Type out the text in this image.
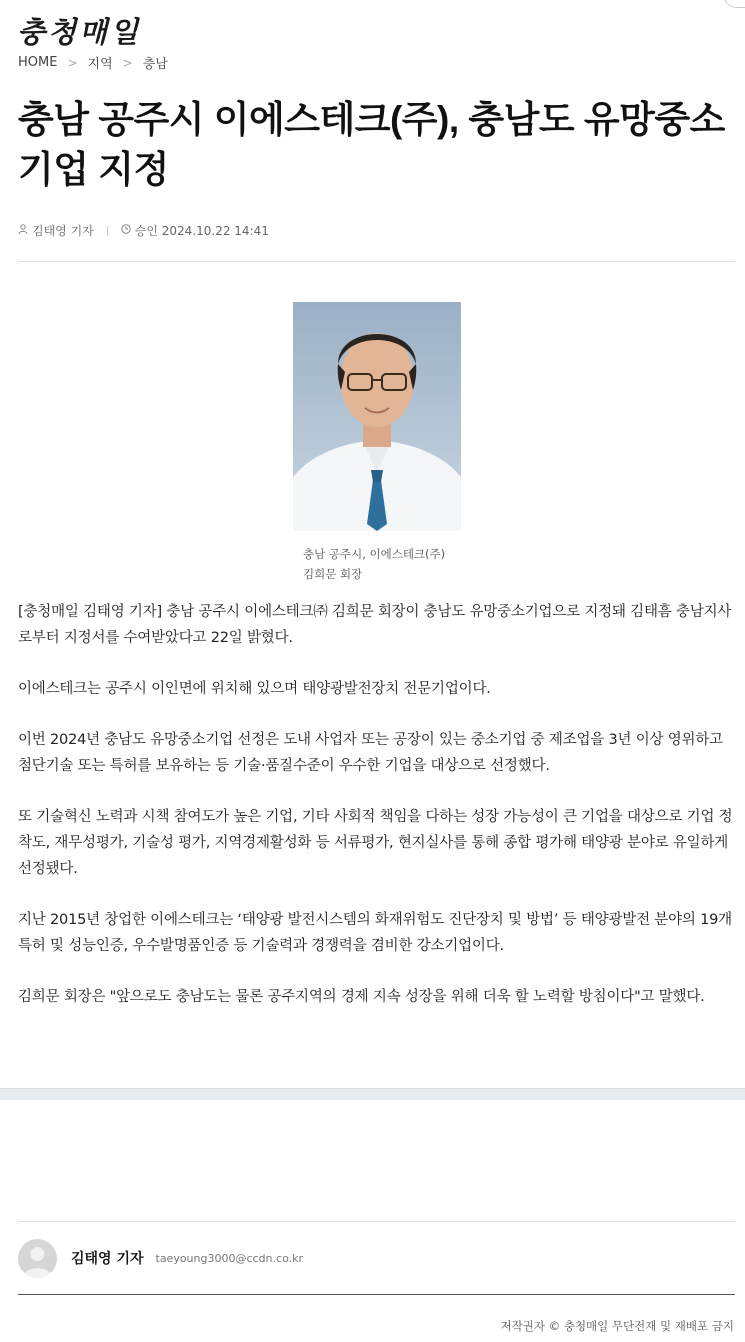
충청매일
HOME > 지역 > 충남
충남 공주시 이에스테크(주), 충남도 유망중소기업 지정
김태영 기자	승인 2024.10.22 14:41
충남 공주시, 이에스테크(주) 김희문 회장

[충청매일 김태영 기자] 충남 공주시 이에스테크㈜ 김희문 회장이 충남도 유망중소기업으로 지정돼 김태흠 충남지사로부터 지정서를 수여받았다고 22일 밝혔다.

이에스테크는 공주시 이인면에 위치해 있으며 태양광발전장치 전문기업이다.

이번 2024년 충남도 유망중소기업 선정은 도내 사업자 또는 공장이 있는 중소기업 중 제조업을 3년 이상 영위하고 첨단기술 또는 특허를 보유하는 등 기술·품질수준이 우수한 기업을 대상으로 선정했다.

또 기술혁신 노력과 시책 참여도가 높은 기업, 기타 사회적 책임을 다하는 성장 가능성이 큰 기업을 대상으로 기업 정착도, 재무성평가, 기술성 평가, 지역경제활성화 등 서류평가, 현지실사를 통해 종합 평가해 태양광 분야로 유일하게 선정됐다.

지난 2015년 창업한 이에스테크는 ‘태양광 발전시스템의 화재위험도 진단장치 및 방법’ 등 태양광발전 분야의 19개 특허 및 성능인증, 우수발명품인증 등 기술력과 경쟁력을 겸비한 강소기업이다.

김희문 회장은 "앞으로도 충남도는 물론 공주지역의 경제 지속 성장을 위해 더욱 할 노력할 방침이다"고 말했다.

김태영 기자 taeyoung3000@ccdn.co.kr
저작권자 © 충청매일 무단전재 및 재배포 금지
